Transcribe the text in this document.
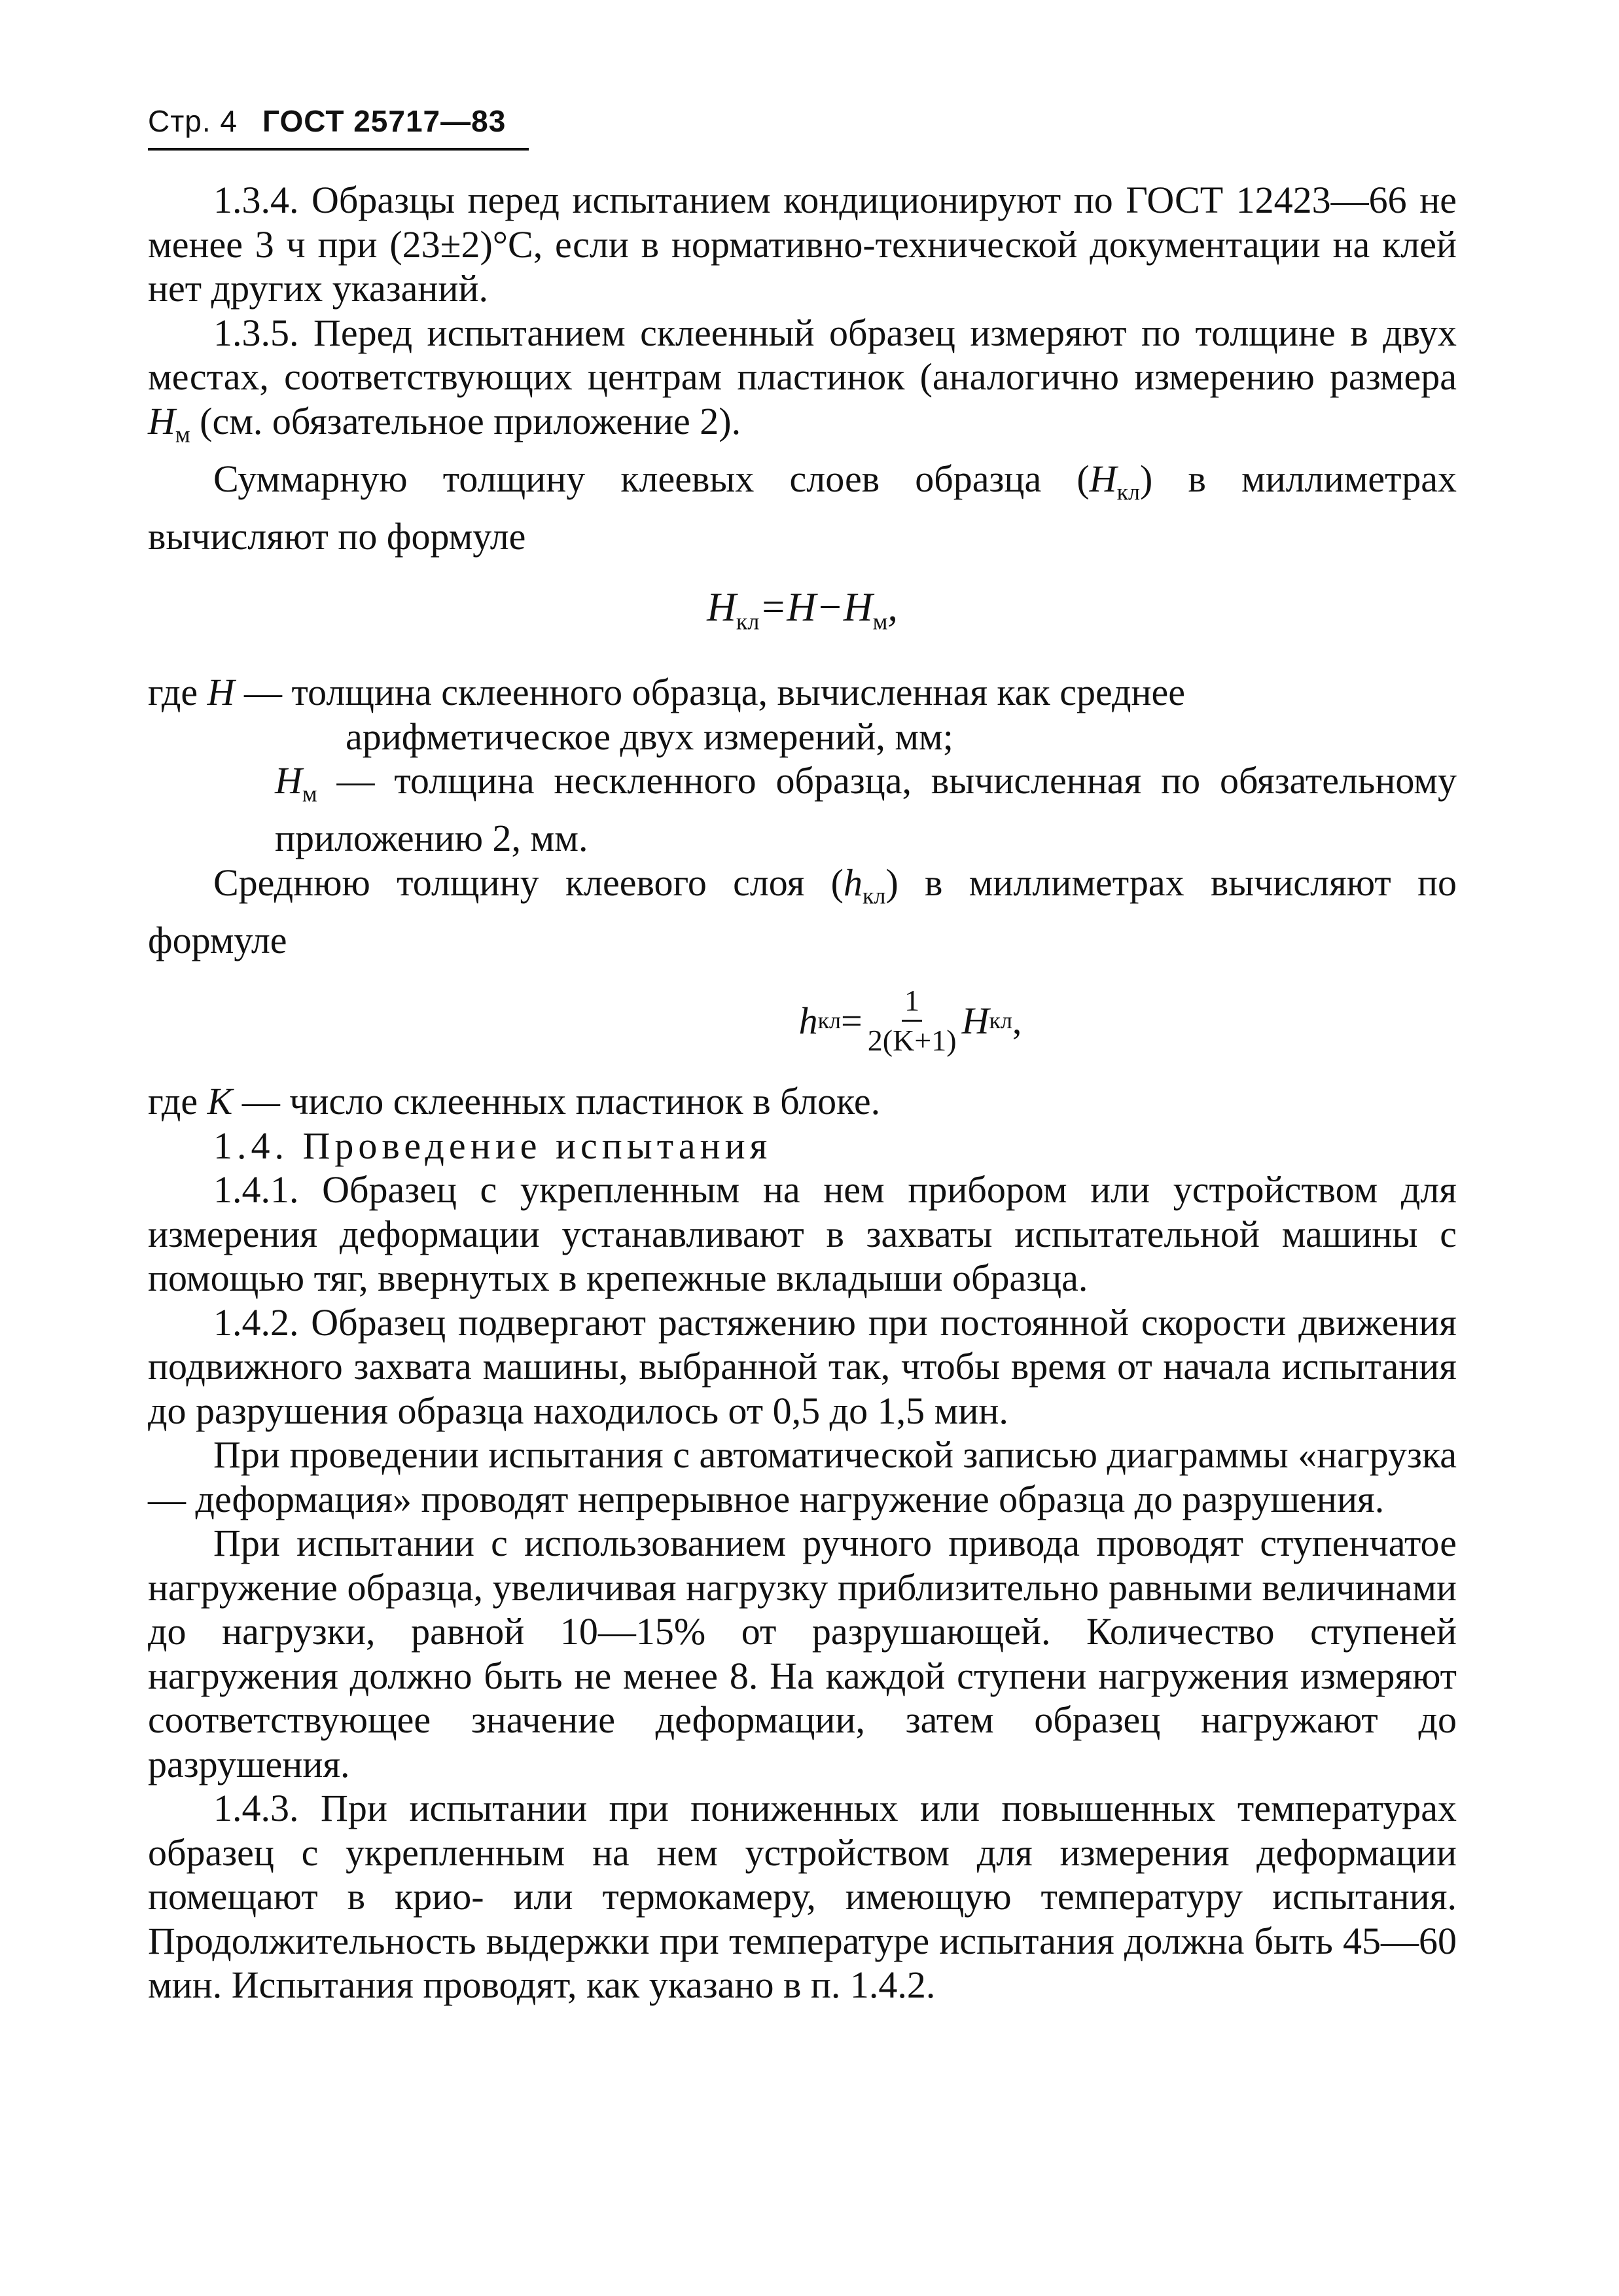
Стр. 4 ГОСТ 25717—83

1.3.4. Образцы перед испытанием кондиционируют по ГОСТ 12423—66 не менее 3 ч при (23±2)°С, если в нормативно-технической документации на клей нет других указаний.

1.3.5. Перед испытанием склеенный образец измеряют по толщине в двух местах, соответствующих центрам пластинок (аналогично измерению размера $H_м$ (см. обязательное приложение 2).

Суммарную толщину клеевых слоев образца $(H_{кл})$ в миллиметрах вычисляют по формуле

$H_{кл}=H-H_м$,

где H — толщина склеенного образца, вычисленная как среднее

арифметическое двух измерений, мм;

$H_м$ — толщина нескленного образца, вычисленная по обязательному приложению 2, мм.

Среднюю толщину клеевого слоя $(h_{кл})$ в миллиметрах вычисляют по формуле

h кл = $\frac{1}{2(K+1)}$ H кл ,

где K — число склеенных пластинок в блоке.

1.4. Проведение испытания

1.4.1. Образец с укрепленным на нем прибором или устройством для измерения деформации устанавливают в захваты испытательной машины с помощью тяг, ввернутых в крепежные вкладыши образца.

1.4.2. Образец подвергают растяжению при постоянной скорости движения подвижного захвата машины, выбранной так, чтобы время от начала испытания до разрушения образца находилось от 0,5 до 1,5 мин.

При проведении испытания с автоматической записью диаграммы «нагрузка — деформация» проводят непрерывное нагружение образца до разрушения.

При испытании с использованием ручного привода проводят ступенчатое нагружение образца, увеличивая нагрузку приблизительно равными величинами до нагрузки, равной 10—15% от разрушающей. Количество ступеней нагружения должно быть не менее 8. На каждой ступени нагружения измеряют соответствующее значение деформации, затем образец нагружают до разрушения.

1.4.3. При испытании при пониженных или повышенных температурах образец с укрепленным на нем устройством для измерения деформации помещают в крио- или термокамеру, имеющую температуру испытания. Продолжительность выдержки при температуре испытания должна быть 45—60 мин. Испытания проводят, как указано в п. 1.4.2.
